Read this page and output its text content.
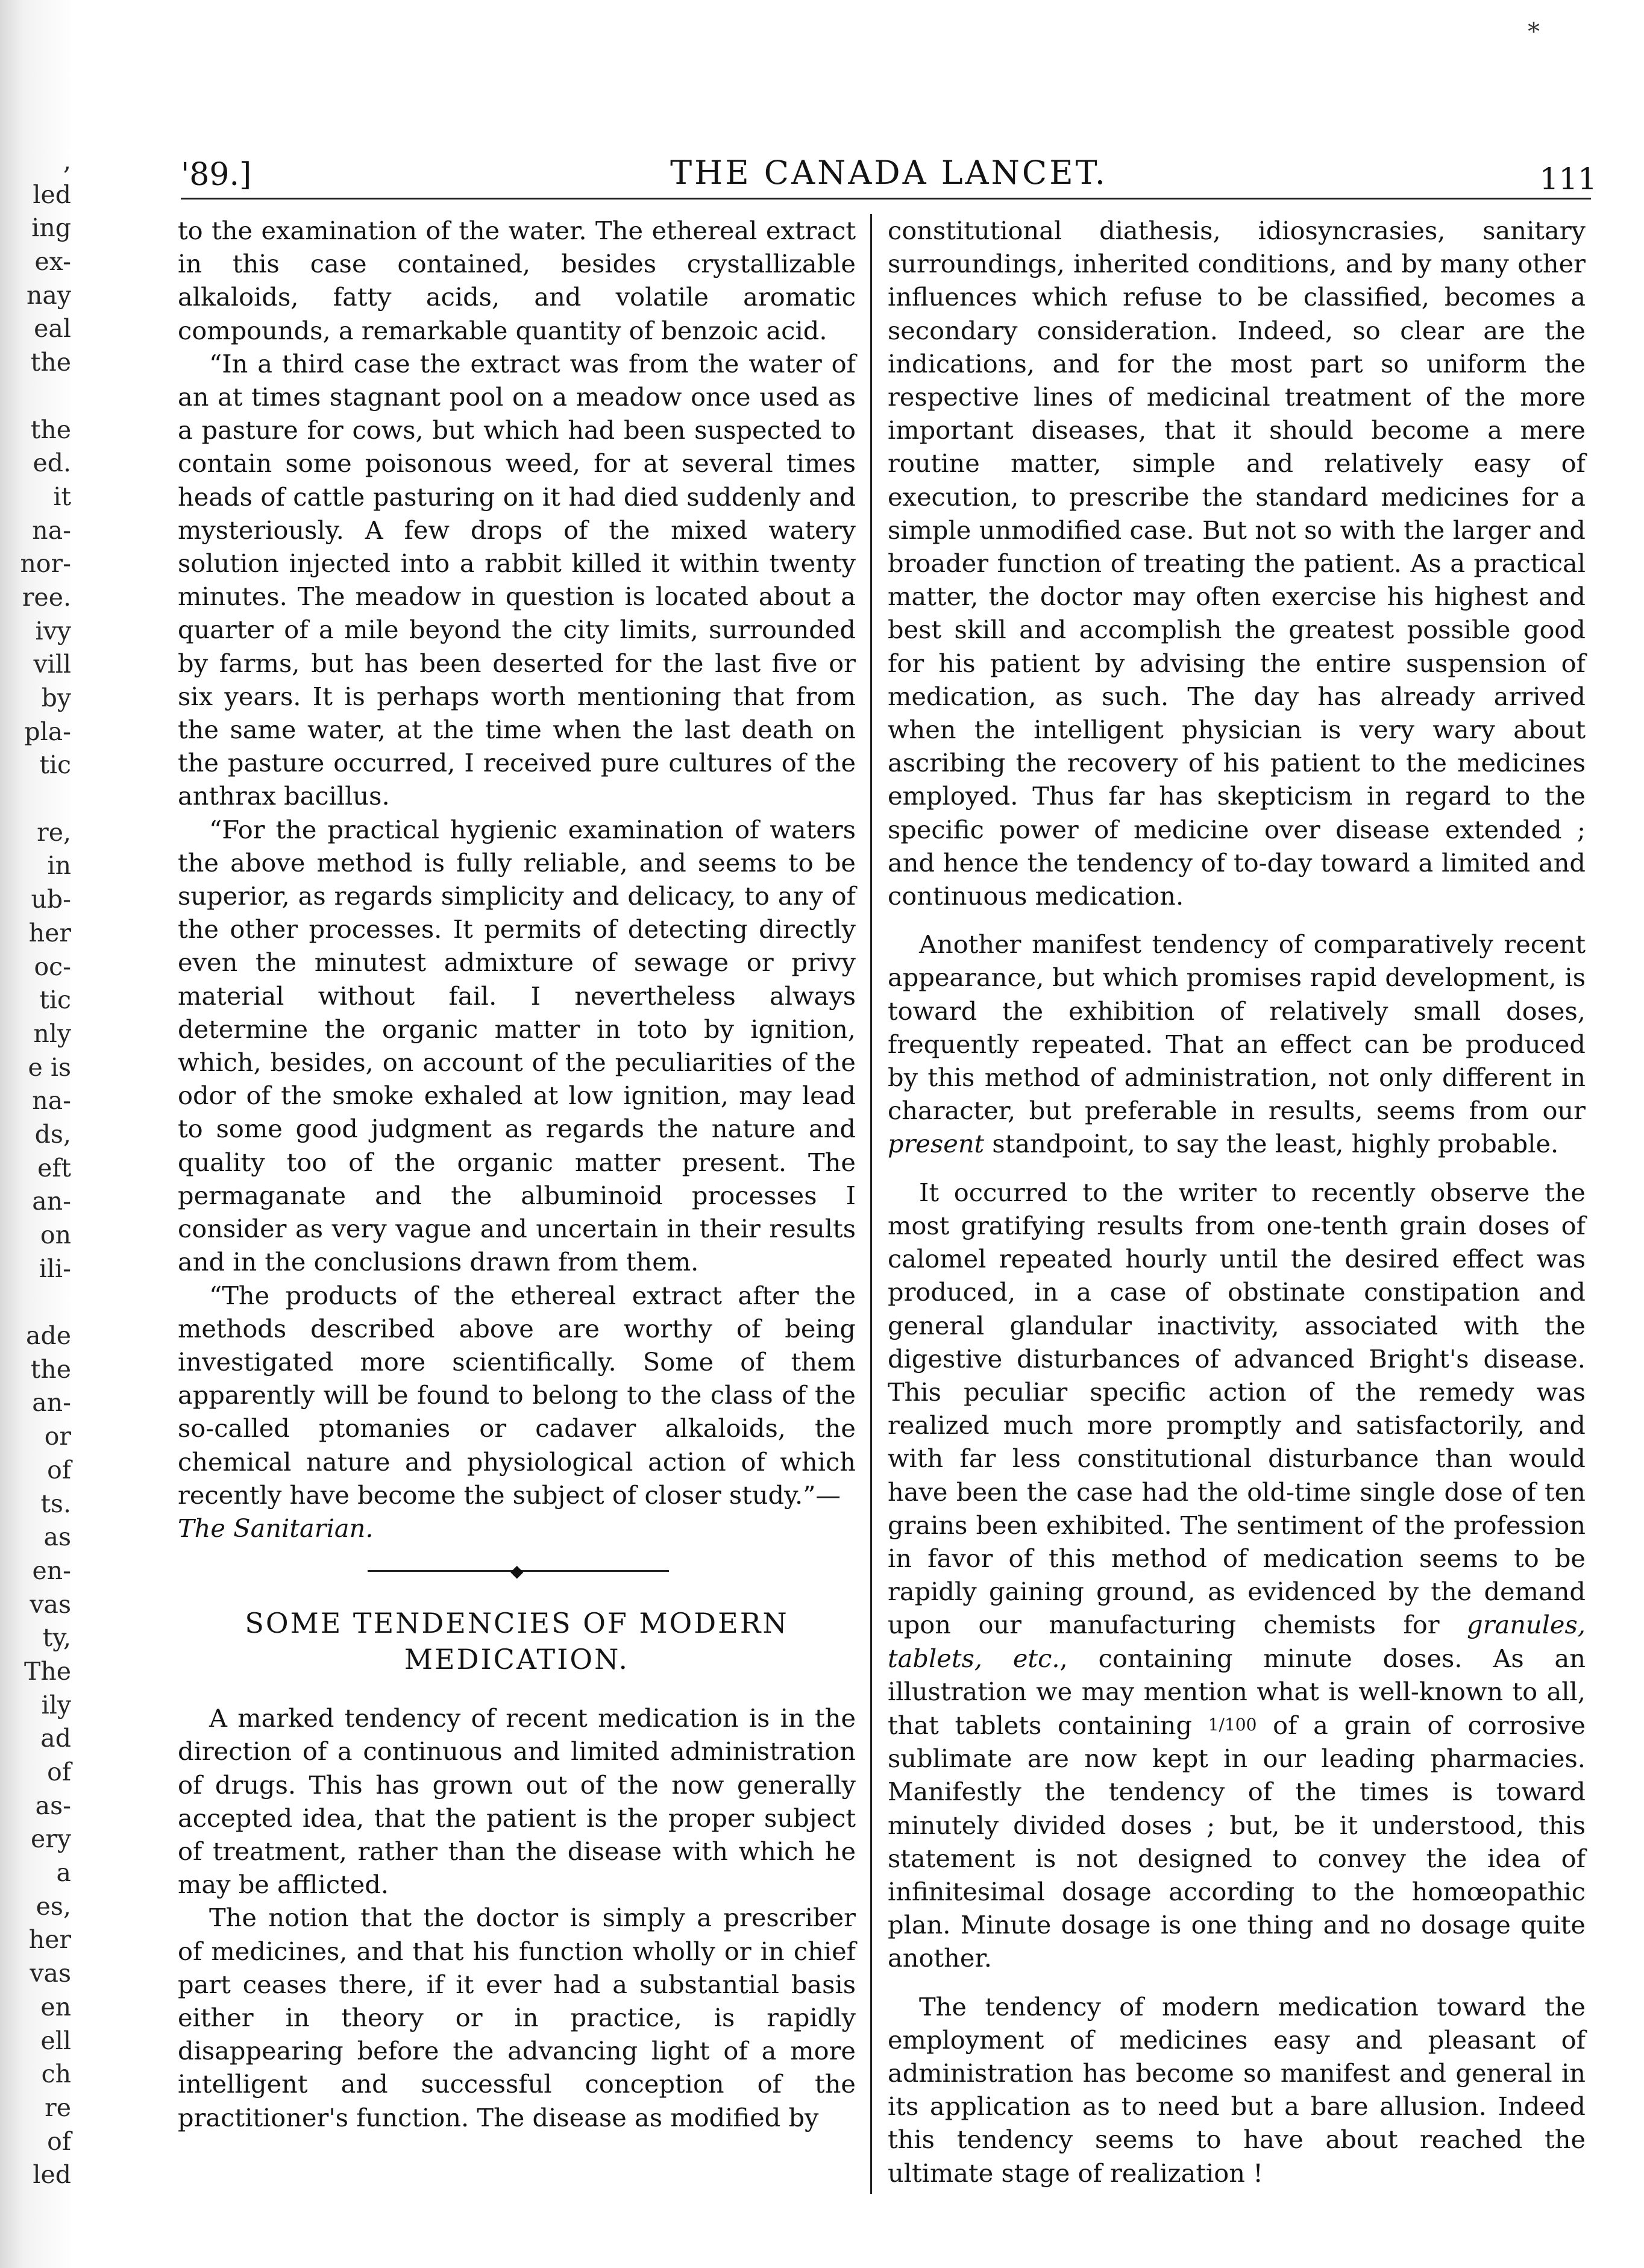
,
led
ing
ex-
nay
eal
the
the
ed.
it
na-
nor-
ree.
ivy
vill
by
pla-
tic
re,
in
ub-
her
oc-
tic
nly
e is
na-
ds,
eft
an-
on
ili-
ade
the
an-
or
of
ts.
as
en-
vas
ty,
The
ily
ad
of
as-
ery
a
es,
her
vas
en
ell
ch
re
of
led
*
'89.]	THE CANADA LANCET.	111

to the examination of the water. The ethereal extract in this case contained, besides crystallizable alkaloids, fatty acids, and volatile aromatic compounds, a remarkable quantity of benzoic acid.

“In a third case the extract was from the water of an at times stagnant pool on a meadow once used as a pasture for cows, but which had been suspected to contain some poisonous weed, for at several times heads of cattle pasturing on it had died suddenly and mysteriously. A few drops of the mixed watery solution injected into a rabbit killed it within twenty minutes. The meadow in question is located about a quarter of a mile beyond the city limits, surrounded by farms, but has been deserted for the last five or six years. It is perhaps worth mentioning that from the same water, at the time when the last death on the pasture occurred, I received pure cultures of the anthrax bacillus.

“For the practical hygienic examination of waters the above method is fully reliable, and seems to be superior, as regards simplicity and delicacy, to any of the other processes. It permits of detecting directly even the minutest admixture of sewage or privy material without fail. I nevertheless always determine the organic matter in toto by ignition, which, besides, on account of the peculiarities of the odor of the smoke exhaled at low ignition, may lead to some good judgment as regards the nature and quality too of the organic matter present. The permaganate and the albuminoid processes I consider as very vague and uncertain in their results and in the conclusions drawn from them.

“The products of the ethereal extract after the methods described above are worthy of being investigated more scientifically. Some of them apparently will be found to belong to the class of the so-called ptomanies or cadaver alkaloids, the chemical nature and physiological action of which recently have become the subject of closer study.”—

The Sanitarian.

◆
SOME TENDENCIES OF MODERN MEDICATION.

A marked tendency of recent medication is in the direction of a continuous and limited administration of drugs. This has grown out of the now generally accepted idea, that the patient is the proper subject of treatment, rather than the disease with which he may be afflicted.

The notion that the doctor is simply a prescriber of medicines, and that his function wholly or in chief part ceases there, if it ever had a substantial basis either in theory or in practice, is rapidly disappearing before the advancing light of a more intelligent and successful conception of the practitioner's function. The disease as modified by

constitutional diathesis, idiosyncrasies, sanitary surroundings, inherited conditions, and by many other influences which refuse to be classified, becomes a secondary consideration. Indeed, so clear are the indications, and for the most part so uniform the respective lines of medicinal treatment of the more important diseases, that it should become a mere routine matter, simple and relatively easy of execution, to prescribe the standard medicines for a simple unmodified case. But not so with the larger and broader function of treating the patient. As a practical matter, the doctor may often exercise his highest and best skill and accomplish the greatest possible good for his patient by advising the entire suspension of medication, as such. The day has already arrived when the intelligent physician is very wary about ascribing the recovery of his patient to the medicines employed. Thus far has skepticism in regard to the specific power of medicine over disease extended ; and hence the tendency of to-day toward a limited and continuous medication.

Another manifest tendency of comparatively recent appearance, but which promises rapid development, is toward the exhibition of relatively small doses, frequently repeated. That an effect can be produced by this method of administration, not only different in character, but preferable in results, seems from our present standpoint, to say the least, highly probable.

It occurred to the writer to recently observe the most gratifying results from one-tenth grain doses of calomel repeated hourly until the desired effect was produced, in a case of obstinate constipation and general glandular inactivity, associated with the digestive disturbances of advanced Bright's disease. This peculiar specific action of the remedy was realized much more promptly and satisfactorily, and with far less constitutional disturbance than would have been the case had the old-time single dose of ten grains been exhibited. The sentiment of the profession in favor of this method of medication seems to be rapidly gaining ground, as evidenced by the demand upon our manufacturing chemists for granules, tablets, etc., containing minute doses. As an illustration we may mention what is well-known to all, that tablets containing 1/100 of a grain of corrosive sublimate are now kept in our leading pharmacies. Manifestly the tendency of the times is toward minutely divided doses ; but, be it understood, this statement is not designed to convey the idea of infinitesimal dosage according to the homœopathic plan. Minute dosage is one thing and no dosage quite another.

The tendency of modern medication toward the employment of medicines easy and pleasant of administration has become so manifest and general in its application as to need but a bare allusion. Indeed this tendency seems to have about reached the ultimate stage of realization !
